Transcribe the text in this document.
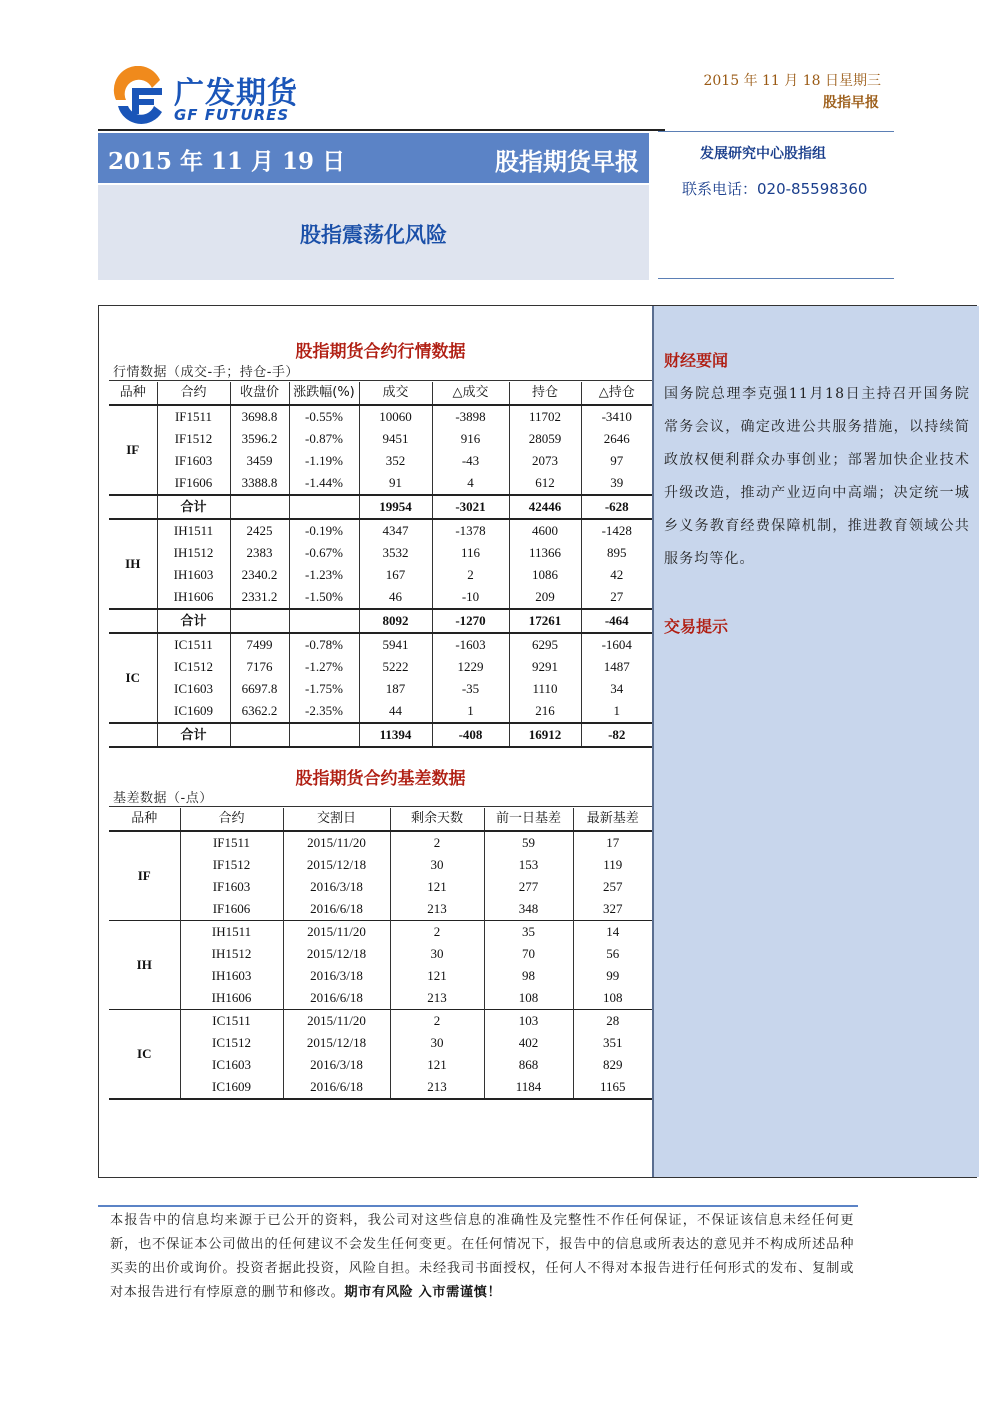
广发期货
GF FUTURES
2015 年 11 月 18 日星期三
股指早报
2015 年 11 月 19 日	股指期货早报
股指震荡化风险
发展研究中心股指组
联系电话：020-85598360
财经要闻
国务院总理李克强11月18日主持召开国务院常务会议，确定改进公共服务措施，以持续简政放权便利群众办事创业；部署加快企业技术升级改造，推动产业迈向中高端；决定统一城乡义务教育经费保障机制，推进教育领域公共服务均等化。
交易提示
股指期货合约行情数据
行情数据（成交-手；持仓-手）
品种	合约	收盘价	涨跌幅(%)	成交	△成交	持仓	△持仓
IF	IF1511	3698.8	-0.55%	10060	-3898	11702	-3410
	IF1512	3596.2	-0.87%	9451	916	28059	2646
	IF1603	3459	-1.19%	352	-43	2073	97
	IF1606	3388.8	-1.44%	91	4	612	39
	合计			19954	-3021	42446	-628
IH	IH1511	2425	-0.19%	4347	-1378	4600	-1428
	IH1512	2383	-0.67%	3532	116	11366	895
	IH1603	2340.2	-1.23%	167	2	1086	42
	IH1606	2331.2	-1.50%	46	-10	209	27
	合计			8092	-1270	17261	-464
IC	IC1511	7499	-0.78%	5941	-1603	6295	-1604
	IC1512	7176	-1.27%	5222	1229	9291	1487
	IC1603	6697.8	-1.75%	187	-35	1110	34
	IC1609	6362.2	-2.35%	44	1	216	1
	合计			11394	-408	16912	-82
股指期货合约基差数据
基差数据（-点）
品种	合约	交割日	剩余天数	前一日基差	最新基差
IF	IF1511	2015/11/20	2	59	17
	IF1512	2015/12/18	30	153	119
	IF1603	2016/3/18	121	277	257
	IF1606	2016/6/18	213	348	327
IH	IH1511	2015/11/20	2	35	14
	IH1512	2015/12/18	30	70	56
	IH1603	2016/3/18	121	98	99
	IH1606	2016/6/18	213	108	108
IC	IC1511	2015/11/20	2	103	28
	IC1512	2015/12/18	30	402	351
	IC1603	2016/3/18	121	868	829
	IC1609	2016/6/18	213	1184	1165
本报告中的信息均来源于已公开的资料，我公司对这些信息的准确性及完整性不作任何保证，不保证该信息未经任何更新，也不保证本公司做出的任何建议不会发生任何变更。在任何情况下，报告中的信息或所表达的意见并不构成所述品种买卖的出价或询价。投资者据此投资，风险自担。未经我司书面授权，任何人不得对本报告进行任何形式的发布、复制或对本报告进行有悖原意的删节和修改。期市有风险 入市需谨慎！
